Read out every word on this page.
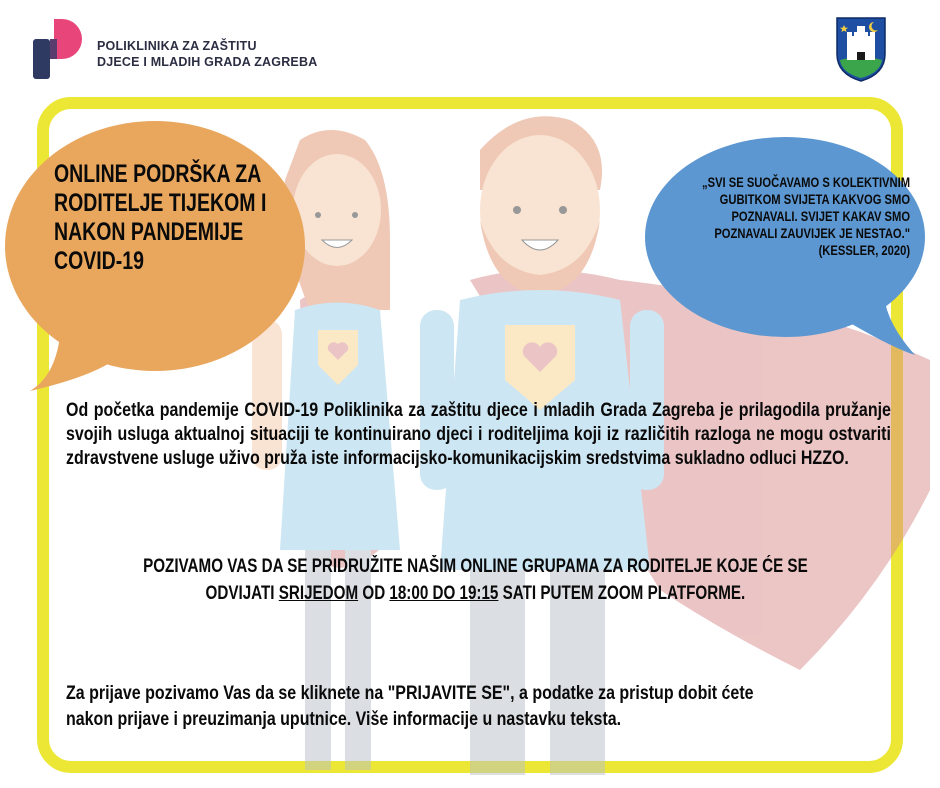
POLIKLINIKA ZA ZAŠTITU
DJECE I MLADIH GRADA ZAGREBA
ONLINE PODRŠKA ZA
RODITELJE TIJEKOM I
NAKON PANDEMIJE
COVID-19
„SVI SE SUOČAVAMO S KOLEKTIVNIM
GUBITKOM SVIJETA KAKVOG SMO
POZNAVALI. SVIJET KAKAV SMO
POZNAVALI ZAUVIJEK JE NESTAO."
(KESSLER, 2020)
Od početka pandemije COVID-19 Poliklinika za zaštitu djece i mladih Grada Zagreba je prilagodila pružanje svojih usluga aktualnoj situaciji te kontinuirano djeci i roditeljima koji iz različitih razloga ne mogu ostvariti zdravstvene usluge uživo pruža iste informacijsko-komunikacijskim sredstvima sukladno odluci HZZO.
POZIVAMO VAS DA SE PRIDRUŽITE NAŠIM ONLINE GRUPAMA ZA RODITELJE KOJE ĆE SE
ODVIJATI SRIJEDOM OD 18:00 DO 19:15 SATI PUTEM ZOOM PLATFORME.
Za prijave pozivamo Vas da se kliknete na "PRIJAVITE SE", a podatke za pristup dobit ćete
nakon prijave i preuzimanja uputnice. Više informacije u nastavku teksta.
